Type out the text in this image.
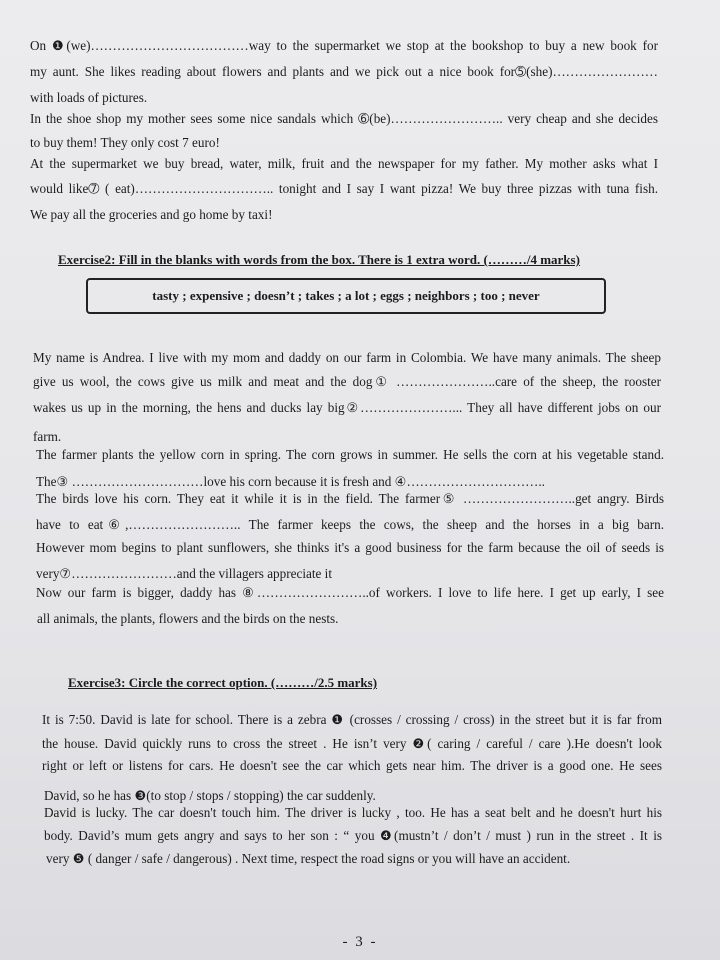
On ❶(we)………………………………way to the supermarket we stop at the bookshop to buy a new book for
my aunt. She likes reading about flowers and plants and we pick out a nice book for➄(she)……………………
with loads of pictures.
In the shoe shop my mother sees some nice sandals which ➅(be)…………………….. very cheap and she decides
to buy them! They only cost 7 euro!
At the supermarket we buy bread, water, milk, fruit and the newspaper for my father. My mother asks what I
would like➆ ( eat)………………………….. tonight and I say I want pizza! We buy three pizzas with tuna fish.
We pay all the groceries and go home by taxi!
Exercise2: Fill in the blanks with words from the box. There is 1 extra word. (………/4 marks)
tasty ; expensive ; doesn’t ; takes ; a lot ; eggs ; neighbors ; too ; never
My name is Andrea. I live with my mom and daddy on our farm in Colombia. We have many animals. The sheep
give us wool, the cows give us milk and meat and the dog① …………………..care of the sheep, the rooster
wakes us up in the morning, the hens and ducks lay big②…………………... They all have different jobs on our
farm.
The farmer plants the yellow corn in spring. The corn grows in summer. He sells the corn at his vegetable stand.
The③ …………………………love his corn because it is fresh and ④…………………………..
The birds love his corn. They eat it while it is in the field. The farmer⑤ ……………………..get angry. Birds
have to eat⑥,…………………….. The farmer keeps the cows, the sheep and the horses in a big barn.
However mom begins to plant sunflowers, she thinks it's a good business for the farm because the oil of seeds is
very⑦……………………and the villagers appreciate it
Now our farm is bigger, daddy has ⑧……………………..of workers. I love to life here. I get up early, I see
all animals, the plants, flowers and the birds on the nests.
Exercise3: Circle the correct option. (………/2.5 marks)
It is 7:50. David is late for school. There is a zebra ❶ (crosses / crossing / cross) in the street but it is far from
the house. David quickly runs to cross the street . He isn’t very ❷( caring / careful / care ).He doesn't look
right or left or listens for cars. He doesn't see the car which gets near him. The driver is a good one. He sees
David, so he has ❸(to stop / stops / stopping) the car suddenly.
David is lucky. The car doesn't touch him. The driver is lucky , too. He has a seat belt and he doesn't hurt his
body. David’s mum gets angry and says to her son : “ you ❹(mustn’t / don’t / must ) run in the street . It is
very ❺ ( danger / safe / dangerous) . Next time, respect the road signs or you will have an accident.
- 3 -
